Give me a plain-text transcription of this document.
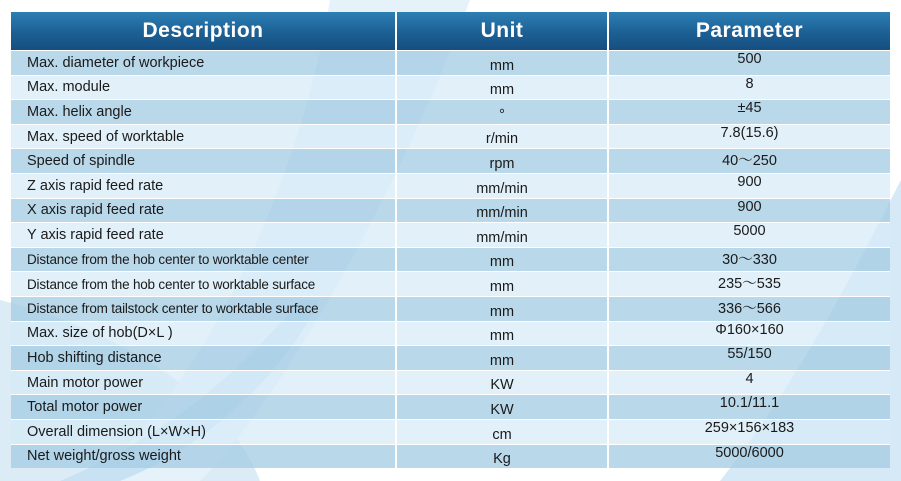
Description	Unit	Parameter
Max. diameter of workpiece	mm	500
Max. module	mm	8
Max. helix angle	°	±45
Max. speed of worktable	r/min	7.8(15.6)
Speed of spindle	rpm	40～250
Z axis rapid feed rate	mm/min	900
X axis rapid feed rate	mm/min	900
Y axis rapid feed rate	mm/min	5000
Distance from the hob center to worktable center	mm	30～330
Distance from the hob center to worktable surface	mm	235～535
Distance from tailstock center to worktable surface	mm	336～566
Max. size of hob(D×L )	mm	Φ160×160
Hob shifting distance	mm	55/150
Main motor power	KW	4
Total motor power	KW	10.1/11.1
Overall dimension (L×W×H)	cm	259×156×183
Net weight/gross weight	Kg	5000/6000
